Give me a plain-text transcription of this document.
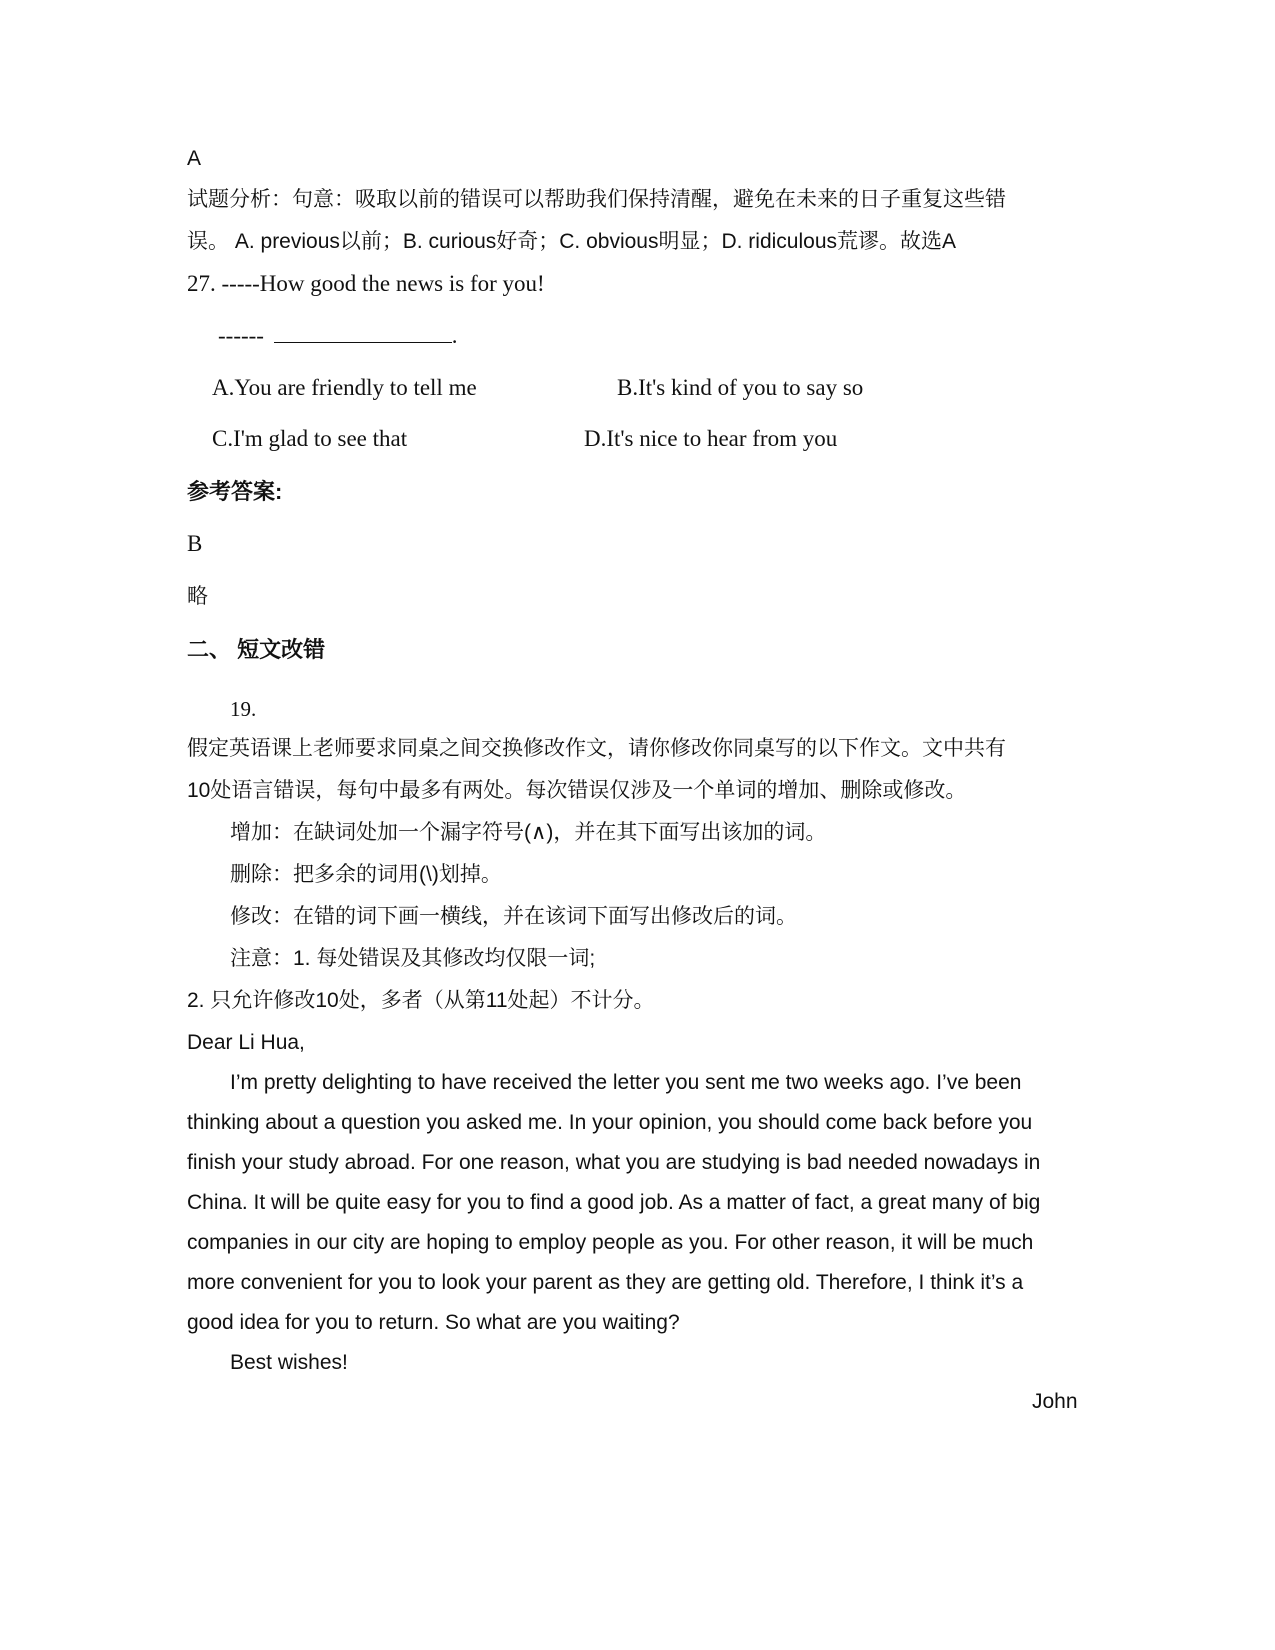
A
试题分析：句意：吸取以前的错误可以帮助我们保持清醒，避免在未来的日子重复这些错
误。 A. previous以前；B. curious好奇；C. obvious明显；D. ridiculous荒谬。故选A
27. -----How good the news is for you!
------	.
A.You are friendly to tell me	B.It's kind of you to say so
C.I'm glad to see that	D.It's nice to hear from you
参考答案:
B
略
二、 短文改错
19.
假定英语课上老师要求同桌之间交换修改作文，请你修改你同桌写的以下作文。文中共有
10处语言错误，每句中最多有两处。每次错误仅涉及一个单词的增加、删除或修改。
增加：在缺词处加一个漏字符号(∧)，并在其下面写出该加的词。
删除：把多余的词用(\)划掉。
修改：在错的词下画一横线，并在该词下面写出修改后的词。
注意：1. 每处错误及其修改均仅限一词;
2. 只允许修改10处，多者（从第11处起）不计分。
Dear Li Hua,
I’m pretty delighting to have received the letter you sent me two weeks ago. I’ve been
thinking about a question you asked me. In your opinion, you should come back before you
finish your study abroad. For one reason, what you are studying is bad needed nowadays in
China. It will be quite easy for you to find a good job. As a matter of fact, a great many of big
companies in our city are hoping to employ people as you. For other reason, it will be much
more convenient for you to look your parent as they are getting old. Therefore, I think it’s a
good idea for you to return. So what are you waiting?
Best wishes!
John
